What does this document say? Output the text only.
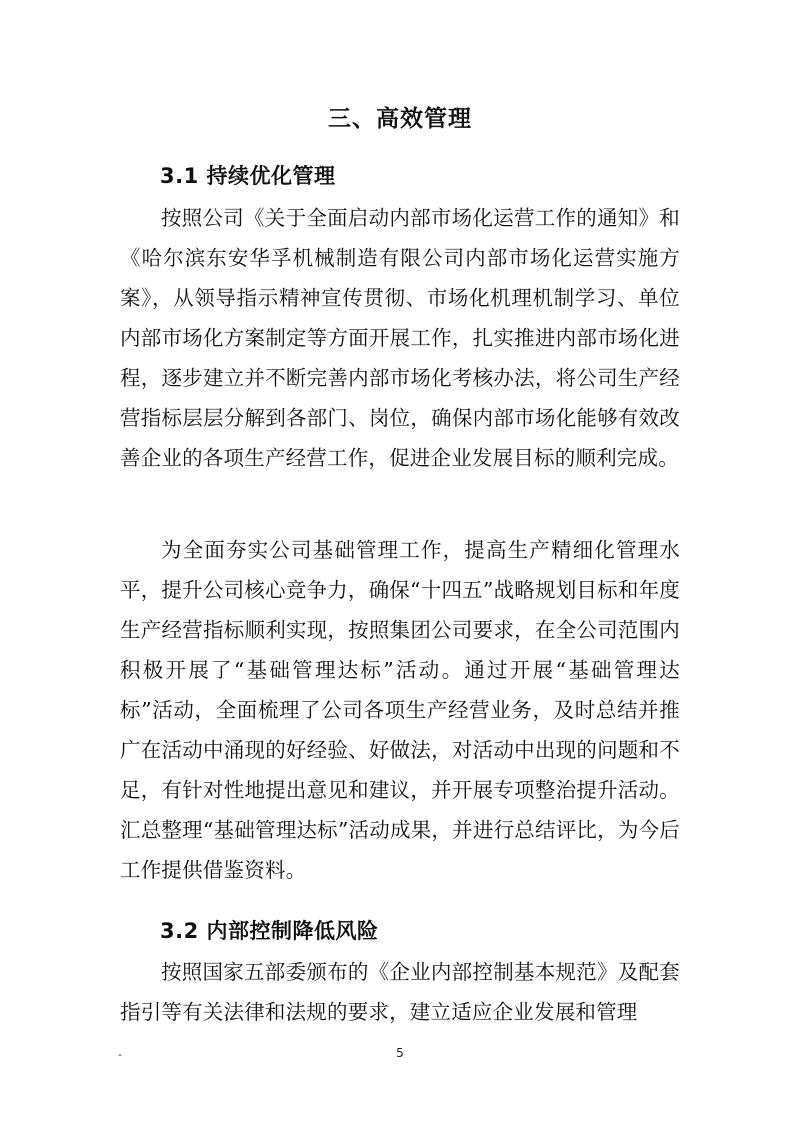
三、高效管理
3.1 持续优化管理

按照公司《关于全面启动内部市场化运营工作的通知》和《哈尔滨东安华孚机械制造有限公司内部市场化运营实施方案》，从领导指示精神宣传贯彻、市场化机理机制学习、单位内部市场化方案制定等方面开展工作，扎实推进内部市场化进程，逐步建立并不断完善内部市场化考核办法，将公司生产经营指标层层分解到各部门、岗位，确保内部市场化能够有效改善企业的各项生产经营工作，促进企业发展目标的顺利完成。

为全面夯实公司基础管理工作，提高生产精细化管理水平，提升公司核心竞争力，确保“十四五”战略规划目标和年度生产经营指标顺利实现，按照集团公司要求，在全公司范围内积极开展了“基础管理达标”活动。通过开展“基础管理达标”活动，全面梳理了公司各项生产经营业务，及时总结并推广在活动中涌现的好经验、好做法，对活动中出现的问题和不足，有针对性地提出意见和建议，并开展专项整治提升活动。汇总整理“基础管理达标”活动成果，并进行总结评比，为今后工作提供借鉴资料。

3.2 内部控制降低风险

按照国家五部委颁布的《企业内部控制基本规范》及配套指引等有关法律和法规的要求，建立适应企业发展和管理

-	5
